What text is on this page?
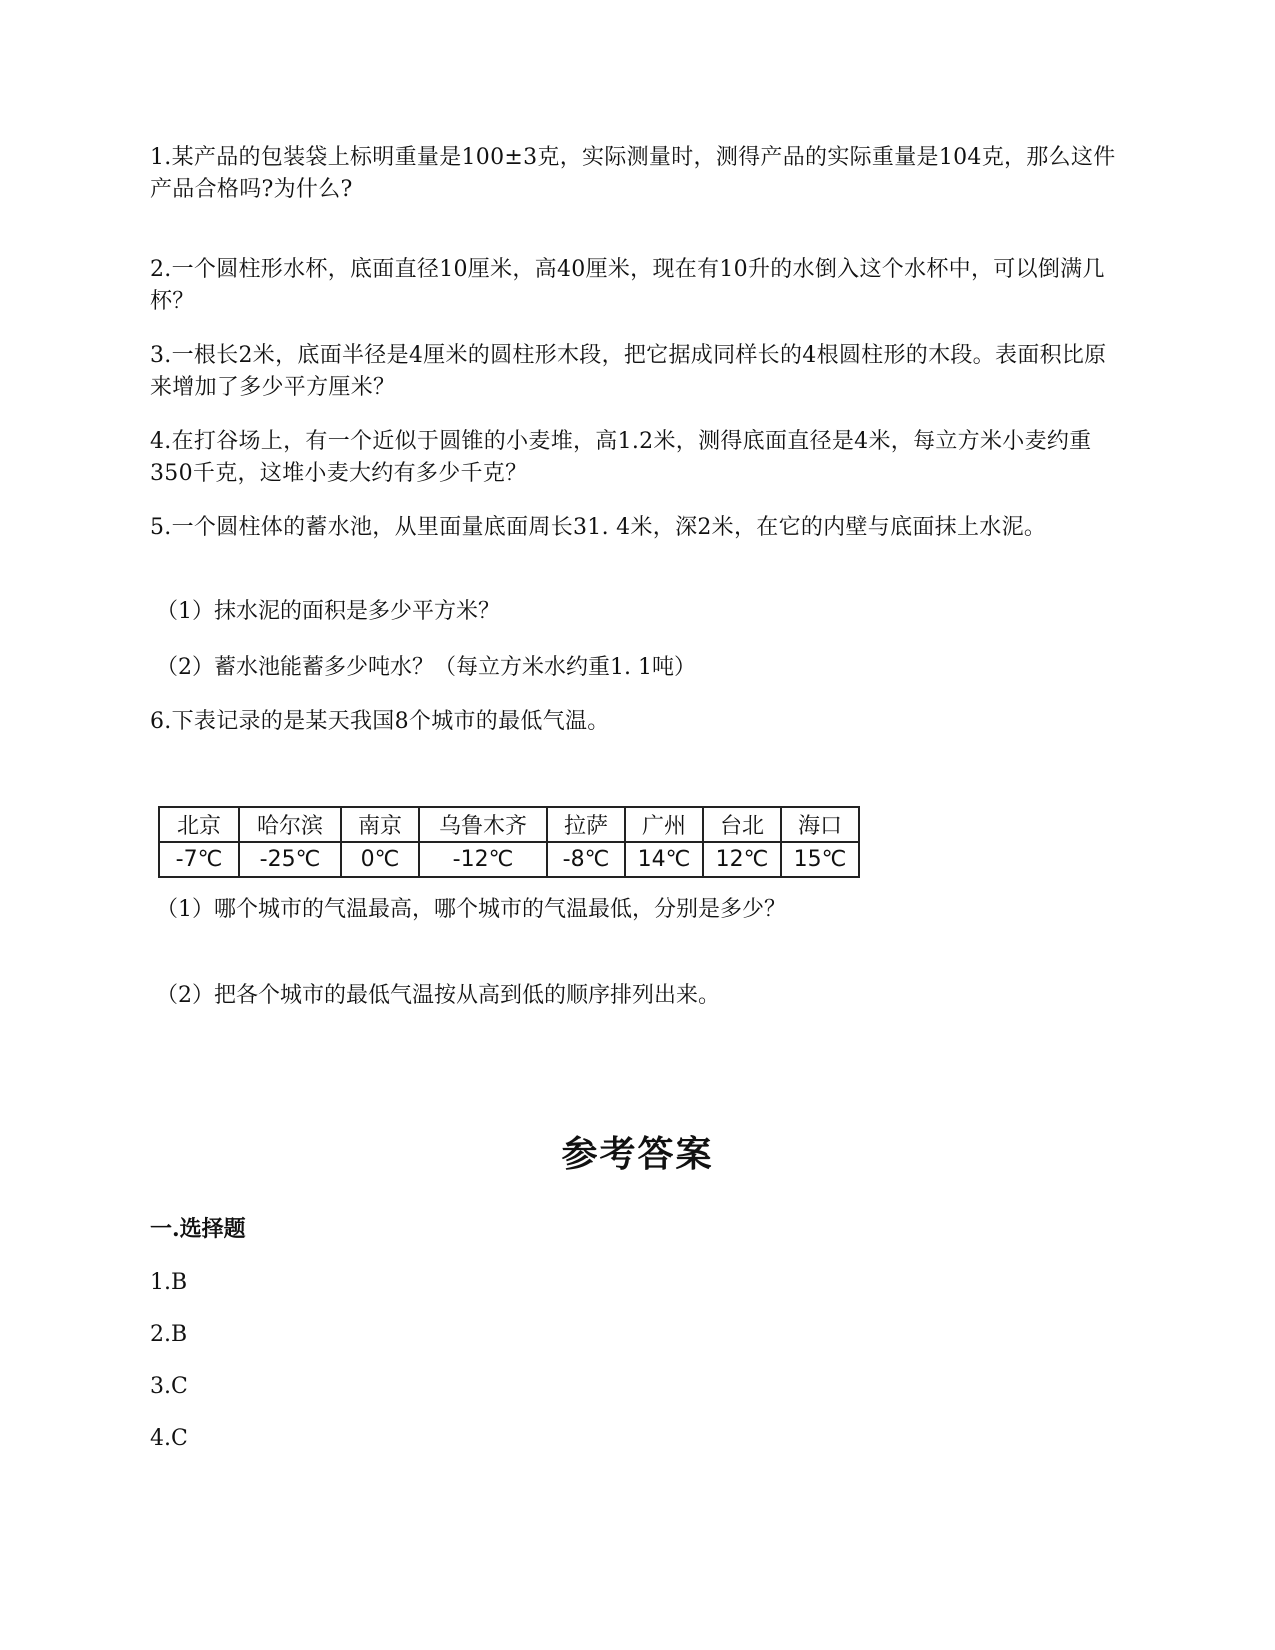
1.某产品的包装袋上标明重量是100±3克，实际测量时，测得产品的实际重量是104克，那么这件产品合格吗?为什么?

2.一个圆柱形水杯，底面直径10厘米，高40厘米，现在有10升的水倒入这个水杯中，可以倒满几杯？

3.一根长2米，底面半径是4厘米的圆柱形木段，把它据成同样长的4根圆柱形的木段。表面积比原来增加了多少平方厘米？

4.在打谷场上，有一个近似于圆锥的小麦堆，高1.2米，测得底面直径是4米，每立方米小麦约重350千克，这堆小麦大约有多少千克？

5.一个圆柱体的蓄水池，从里面量底面周长31. 4米，深2米，在它的内壁与底面抹上水泥。

（1）抹水泥的面积是多少平方米？

（2）蓄水池能蓄多少吨水？（每立方米水约重1. 1吨）

6.下表记录的是某天我国8个城市的最低气温。

北京	哈尔滨	南京	乌鲁木齐	拉萨	广州	台北	海口
-7℃	-25℃	0℃	-12℃	-8℃	14℃	12℃	15℃

（1）哪个城市的气温最高，哪个城市的气温最低，分别是多少？

（2）把各个城市的最低气温按从高到低的顺序排列出来。

参考答案
一.选择题

1.B

2.B

3.C

4.C
